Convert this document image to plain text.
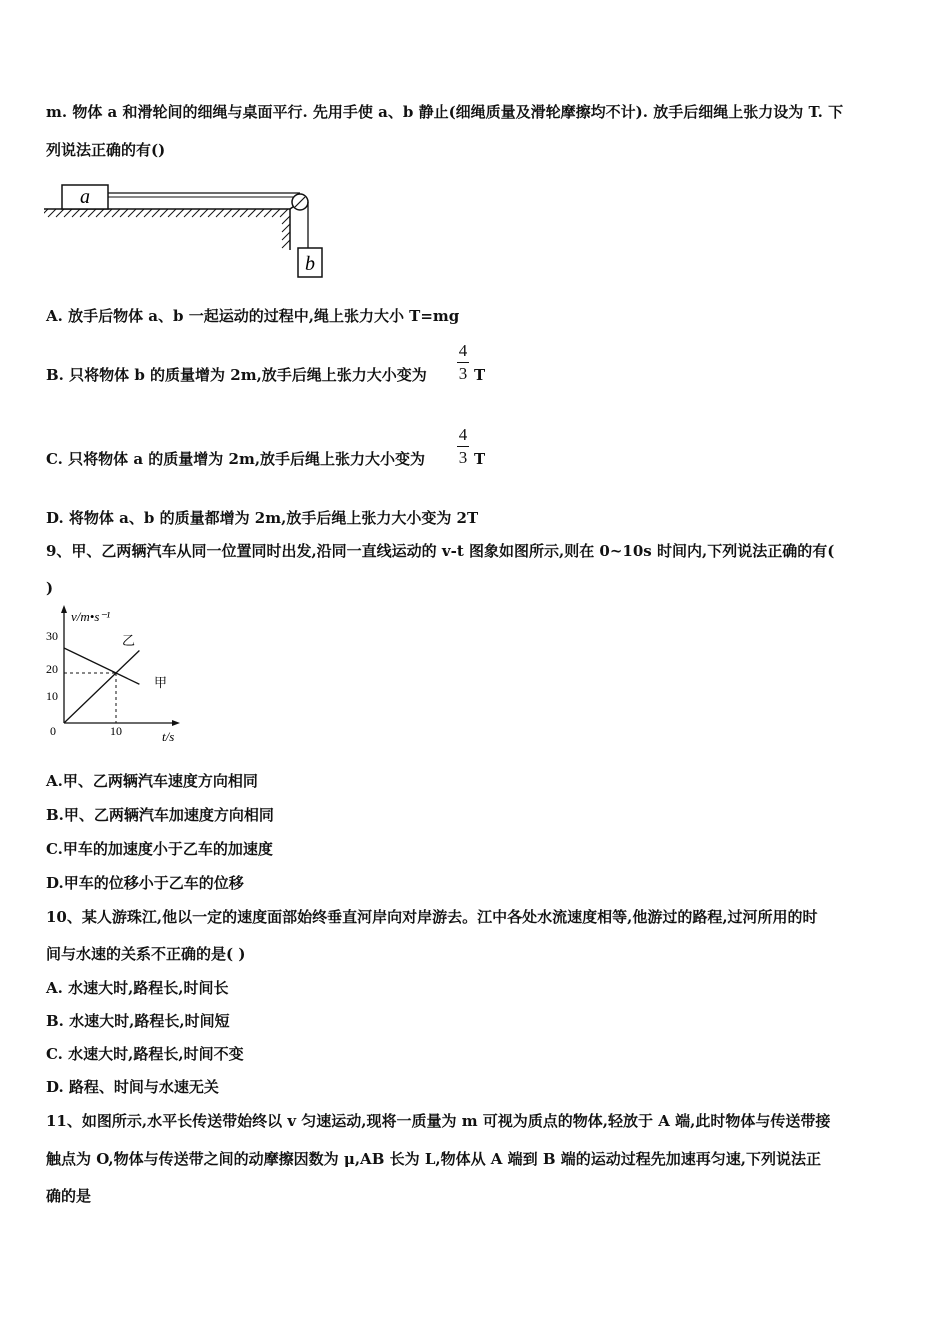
m. 物体 a 和滑轮间的细绳与桌面平行. 先用手使 a、b 静止(细绳质量及滑轮摩擦均不计). 放手后细绳上张力设为 T. 下
列说法正确的有()
a
b
A. 放手后物体 a、b 一起运动的过程中,绳上张力大小 T=mg
B. 只将物体 b 的质量增为 2m,放手后绳上张力大小变为
4
3 T
C. 只将物体 a 的质量增为 2m,放手后绳上张力大小变为
4
3 T
D. 将物体 a、b 的质量都增为 2m,放手后绳上张力大小变为 2T
9、甲、乙两辆汽车从同一位置同时出发,沿同一直线运动的 v-t 图象如图所示,则在 0~10s 时间内,下列说法正确的有(
)
v/m•s⁻¹
t/s
30
20
10
0	10
乙
甲
A.甲、乙两辆汽车速度方向相同
B.甲、乙两辆汽车加速度方向相同
C.甲车的加速度小于乙车的加速度
D.甲车的位移小于乙车的位移
10、某人游珠江,他以一定的速度面部始终垂直河岸向对岸游去。江中各处水流速度相等,他游过的路程,过河所用的时
间与水速的关系不正确的是( )
A. 水速大时,路程长,时间长
B. 水速大时,路程长,时间短
C. 水速大时,路程长,时间不变
D. 路程、时间与水速无关
11、如图所示,水平长传送带始终以 v 匀速运动,现将一质量为 m 可视为质点的物体,轻放于 A 端,此时物体与传送带接
触点为 O,物体与传送带之间的动摩擦因数为 μ,AB 长为 L,物体从 A 端到 B 端的运动过程先加速再匀速,下列说法正
确的是
